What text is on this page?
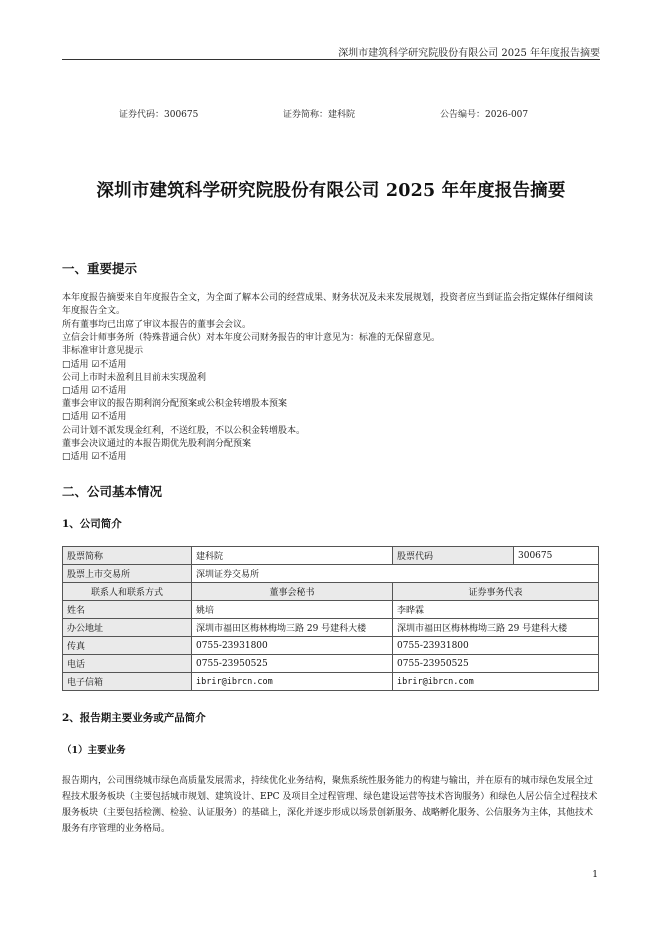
深圳市建筑科学研究院股份有限公司 2025 年年度报告摘要
证券代码：300675	证券简称：建科院	公告编号：2026-007
深圳市建筑科学研究院股份有限公司 2025 年年度报告摘要
一、重要提示
本年度报告摘要来自年度报告全文，为全面了解本公司的经营成果、财务状况及未来发展规划，投资者应当到证监会指定媒体仔细阅读年度报告全文。
所有董事均已出席了审议本报告的董事会会议。
立信会计师事务所（特殊普通合伙）对本年度公司财务报告的审计意见为：标准的无保留意见。
非标准审计意见提示
□适用 ☑不适用
公司上市时未盈利且目前未实现盈利
□适用 ☑不适用
董事会审议的报告期利润分配预案或公积金转增股本预案
□适用 ☑不适用
公司计划不派发现金红利，不送红股，不以公积金转增股本。
董事会决议通过的本报告期优先股利润分配预案
□适用 ☑不适用
二、公司基本情况
1、公司简介
股票简称	建科院	股票代码	300675
股票上市交易所	深圳证券交易所		
联系人和联系方式	董事会秘书	证券事务代表	
姓名	姚培	李晔霖	
办公地址	深圳市福田区梅林梅坳三路 29 号建科大楼	深圳市福田区梅林梅坳三路 29 号建科大楼	
传真	0755-23931800	0755-23931800	
电话	0755-23950525	0755-23950525	
电子信箱	ibrir@ibrcn.com	ibrir@ibrcn.com	
2、报告期主要业务或产品简介
（1）主要业务
报告期内，公司围绕城市绿色高质量发展需求，持续优化业务结构，聚焦系统性服务能力的构建与输出，并在原有的城市绿色发展全过程技术服务板块（主要包括城市规划、建筑设计、EPC 及项目全过程管理、绿色建设运营等技术咨询服务）和绿色人居公信全过程技术服务板块（主要包括检测、检验、认证服务）的基础上，深化并逐步形成以场景创新服务、战略孵化服务、公信服务为主体，其他技术服务有序管理的业务格局。
1
